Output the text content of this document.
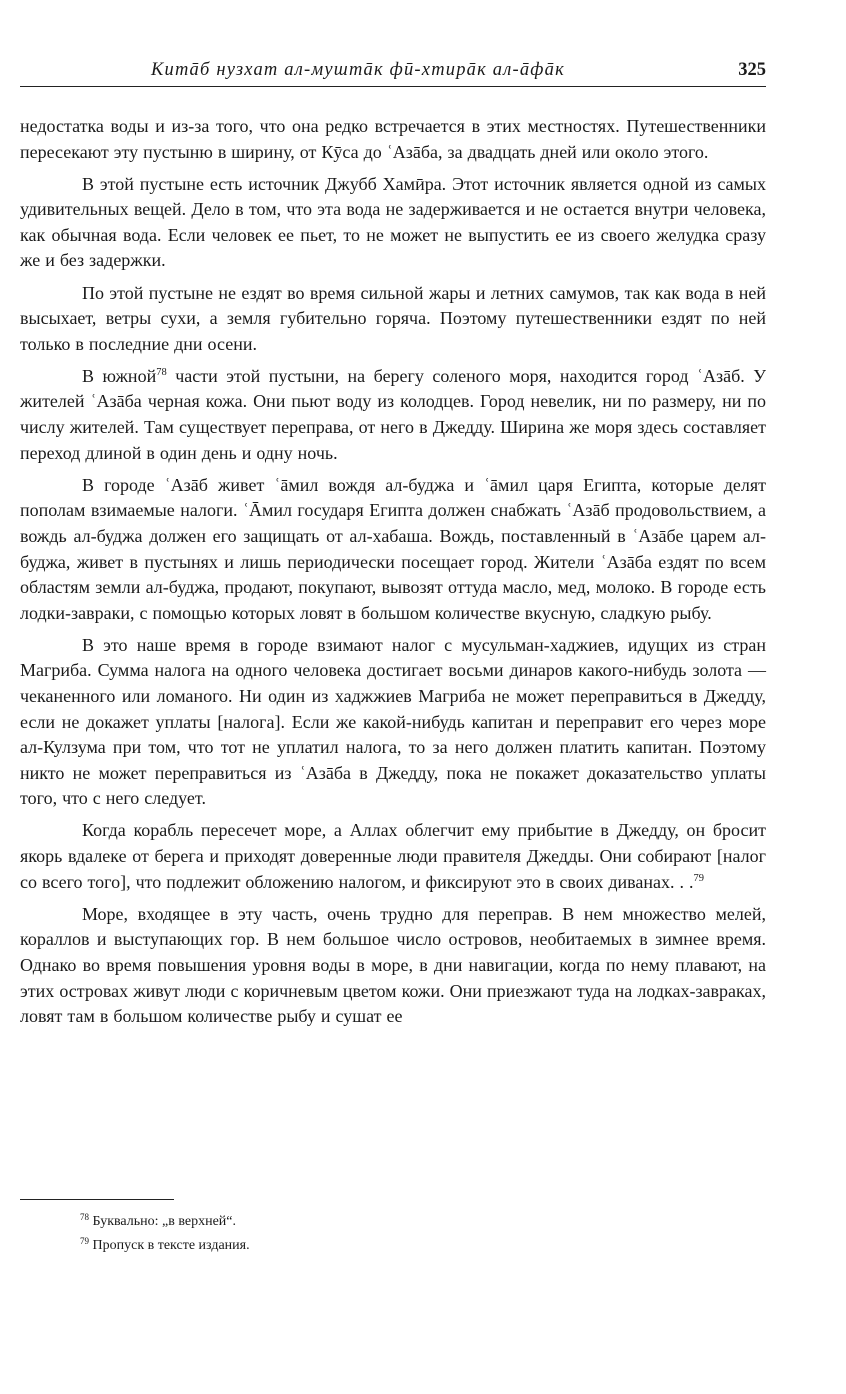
Китāб нузхат ал-муштāк фӣ-хтирāк ал-āфāк	325

недостатка воды и из-за того, что она редко встречается в этих местностях. Путешественники пересекают эту пустыню в ширину, от Кӯса до ʿАзāба, за двадцать дней или около этого.

В этой пустыне есть источник Джубб Хамӣра. Этот источник является одной из самых удивительных вещей. Дело в том, что эта вода не задерживается и не остается внутри человека, как обычная вода. Если человек ее пьет, то не может не выпустить ее из своего желудка сразу же и без задержки.

По этой пустыне не ездят во время сильной жары и летних самумов, так как вода в ней высыхает, ветры сухи, а земля губительно горяча. Поэтому путешественники ездят по ней только в последние дни осени.

В южной$^{78}$ части этой пустыни, на берегу соленого моря, находится город ʿАзāб. У жителей ʿАзāба черная кожа. Они пьют воду из колодцев. Город невелик, ни по размеру, ни по числу жителей. Там существует переправа, от него в Джедду. Ширина же моря здесь составляет переход длиной в один день и одну ночь.

В городе ʿАзāб живет ʿāмил вождя ал-буджа и ʿāмил царя Египта, которые делят пополам взимаемые налоги. ʿĀмил государя Египта должен снабжать ʿАзāб продовольствием, а вождь ал-буджа должен его защищать от ал-хабаша. Вождь, поставленный в ʿАзāбе царем ал-буджа, живет в пустынях и лишь периодически посещает город. Жители ʿАзāба ездят по всем областям земли ал-буджа, продают, покупают, вывозят оттуда масло, мед, молоко. В городе есть лодки-завраки, с помощью которых ловят в большом количестве вкусную, сладкую рыбу.

В это наше время в городе взимают налог с мусульман-хаджиев, идущих из стран Магриба. Сумма налога на одного человека достигает восьми динаров какого-нибудь золота — чеканенного или ломаного. Ни один из хаджжиев Магриба не может переправиться в Джедду, если не докажет уплаты [налога]. Если же какой-нибудь капитан и переправит его через море ал-Кулзума при том, что тот не уплатил налога, то за него должен платить капитан. Поэтому никто не может переправиться из ʿАзāба в Джедду, пока не покажет доказательство уплаты того, что с него следует.

Когда корабль пересечет море, а Аллах облегчит ему прибытие в Джедду, он бросит якорь вдалеке от берега и приходят доверенные люди правителя Джедды. Они собирают [налог со всего того], что подлежит обложению налогом, и фиксируют это в своих диванах. . .$^{79}$

Море, входящее в эту часть, очень трудно для переправ. В нем множество мелей, кораллов и выступающих гор. В нем большое число островов, необитаемых в зимнее время. Однако во время повышения уровня воды в море, в дни навигации, когда по нему плавают, на этих островах живут люди с коричневым цветом кожи. Они приезжают туда на лодках-завраках, ловят там в большом количестве рыбу и сушат ее

$^{78}$ Буквально: „в верхней“.
$^{79}$ Пропуск в тексте издания.
